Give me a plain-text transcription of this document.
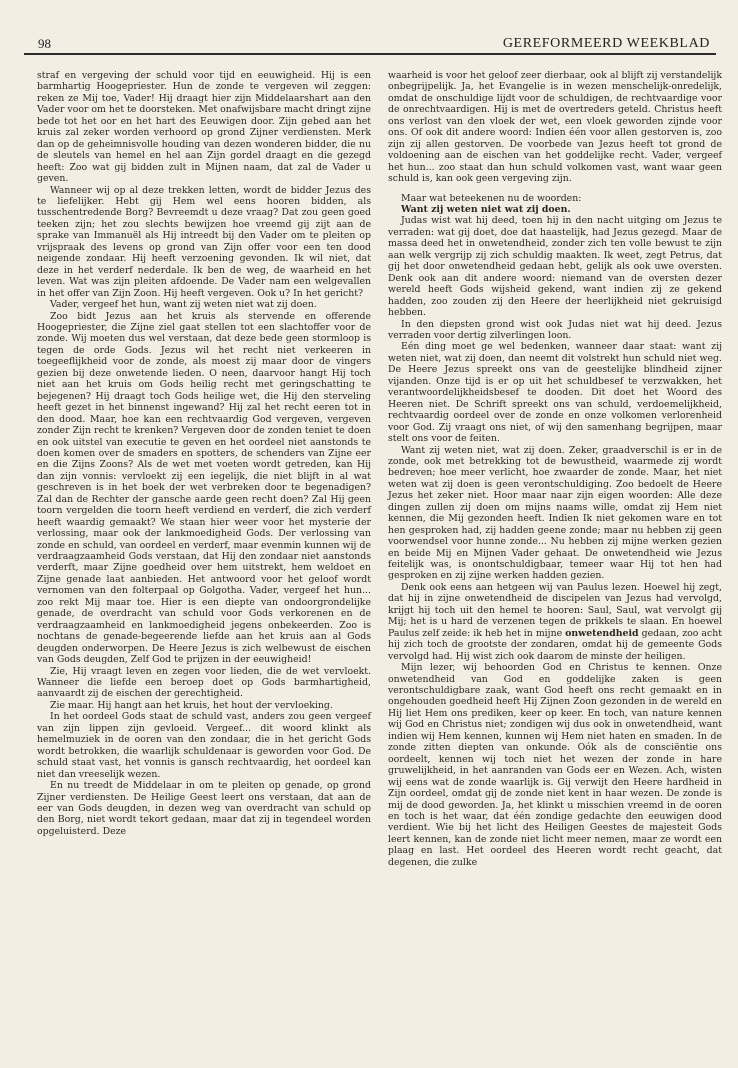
98	GEREFORMEERD WEEKBLAD

straf en vergeving der schuld voor tijd en eeuwigheid. Hij is een barmhartig Hoogepriester. Hun de zonde te vergeven wil zeggen: reken ze Mij toe, Vader! Hij draagt hier zijn Middelaarshart aan den Vader voor om het te doorsteken. Met onafwijsbare macht dringt zijne bede tot het oor en het hart des Eeuwigen door. Zijn gebed aan het kruis zal zeker worden verhoord op grond Zijner verdiensten. Merk dan op de geheimnisvolle houding van dezen wonderen bidder, die nu de sleutels van hemel en hel aan Zijn gordel draagt en die gezegd heeft: Zoo wat gij bidden zult in Mijnen naam, dat zal de Vader u geven.

Wanneer wij op al deze trekken letten, wordt de bidder Jezus des te liefelijker. Hebt gij Hem wel eens hooren bidden, als tusschentredende Borg? Bevreemdt u deze vraag? Dat zou geen goed teeken zijn; het zou slechts bewijzen hoe vreemd gij zijt aan de sprake van Immanuël als Hij intreedt bij den Vader om te pleiten op vrijspraak des levens op grond van Zijn offer voor een ten dood neigende zondaar. Hij heeft verzoening gevonden. Ik wil niet, dat deze in het verderf nederdale. Ik ben de weg, de waarheid en het leven. Wat was zijn pleiten afdoende. De Vader nam een welgevallen in het offer van Zijn Zoon. Hij heeft vergeven. Ook u? In het gericht?

Vader, vergeef het hun, want zij weten niet wat zij doen.

Zoo bidt Jezus aan het kruis als stervende en offerende Hoogepriester, die Zijne ziel gaat stellen tot een slachtoffer voor de zonde. Wij moeten dus wel verstaan, dat deze bede geen stormloop is tegen de orde Gods. Jezus wil het recht niet verkeeren in toegeeflijkheid voor de zonde, als moest zij maar door de vingers gezien bij deze onwetende lieden. O neen, daarvoor hangt Hij toch niet aan het kruis om Gods heilig recht met geringschatting te bejegenen? Hij draagt toch Gods heilige wet, die Hij den sterveling heeft gezet in het binnenst ingewand? Hij zal het recht eeren tot in den dood. Maar, hoe kan een rechtvaardig God vergeven, vergeven zonder Zijn recht te krenken? Vergeven door de zonden teniet te doen en ook uitstel van executie te geven en het oordeel niet aanstonds te doen komen over de smaders en spotters, de schenders van Zijne eer en die Zijns Zoons? Als de wet met voeten wordt getreden, kan Hij dan zijn vonnis: vervloekt zij een iegelijk, die niet blijft in al wat geschreven is in het boek der wet verbreken door te begenadigen? Zal dan de Rechter der gansche aarde geen recht doen? Zal Hij geen toorn vergelden die toorn heeft verdiend en verderf, die zich verderf heeft waardig gemaakt? We staan hier weer voor het mysterie der verlossing, maar ook der lankmoedigheid Gods. Der verlossing van zonde en schuld, van oordeel en verderf, maar evenmin kunnen wij de verdraagzaamheid Gods verstaan, dat Hij den zondaar niet aanstonds verderft, maar Zijne goedheid over hem uitstrekt, hem weldoet en Zijne genade laat aanbieden. Het antwoord voor het geloof wordt vernomen van den folterpaal op Golgotha. Vader, vergeef het hun... zoo rekt Mij maar toe. Hier is een diepte van ondoorgrondelijke genade, de overdracht van schuld voor Gods verkorenen en de verdraagzaamheid en lankmoedigheid jegens onbekeerden. Zoo is nochtans de genade-begeerende liefde aan het kruis aan al Gods deugden onderworpen. De Heere Jezus is zich welbewust de eischen van Gods deugden, Zelf God te prijzen in der eeuwigheid!

Zie, Hij vraagt leven en zegen voor lieden, die de wet vervloekt. Wanneer die liefde een beroep doet op Gods barmhartigheid, aanvaardt zij de eischen der gerechtigheid.

Zie maar. Hij hangt aan het kruis, het hout der vervloeking.

In het oordeel Gods staat de schuld vast, anders zou geen vergeef van zijn lippen zijn gevloeid. Vergeef... dit woord klinkt als hemelmuziek in de ooren van den zondaar, die in het gericht Gods wordt betrokken, die waarlijk schuldenaar is geworden voor God. De schuld staat vast, het vonnis is gansch rechtvaardig, het oordeel kan niet dan vreeselijk wezen.

En nu treedt de Middelaar in om te pleiten op genade, op grond Zijner verdiensten. De Heilige Geest leert ons verstaan, dat aan de eer van Gods deugden, in dezen weg van overdracht van schuld op den Borg, niet wordt tekort gedaan, maar dat zij in tegendeel worden opgeluisterd. Deze

waarheid is voor het geloof zeer dierbaar, ook al blijft zij verstandelijk onbegrijpelijk. Ja, het Evangelie is in wezen menschelijk-onredelijk, omdat de onschuldige lijdt voor de schuldigen, de rechtvaardige voor de onrechtvaardigen. Hij is met de overtreders geteld. Christus heeft ons verlost van den vloek der wet, een vloek geworden zijnde voor ons. Of ook dit andere woord: Indien één voor allen gestorven is, zoo zijn zij allen gestorven. De voorbede van Jezus heeft tot grond de voldoening aan de eischen van het goddelijke recht. Vader, vergeef het hun... zoo staat dan hun schuld volkomen vast, want waar geen schuld is, kan ook geen vergeving zijn.

Maar wat beteekenen nu de woorden:

Want zij weten niet wat zij doen.

Judas wist wat hij deed, toen hij in den nacht uitging om Jezus te verraden: wat gij doet, doe dat haastelijk, had Jezus gezegd. Maar de massa deed het in onwetendheid, zonder zich ten volle bewust te zijn aan welk vergrijp zij zich schuldig maakten. Ik weet, zegt Petrus, dat gij het door onwetendheid gedaan hebt, gelijk als ook uwe oversten. Denk ook aan dit andere woord: niemand van de oversten dezer wereld heeft Gods wijsheid gekend, want indien zij ze gekend hadden, zoo zouden zij den Heere der heerlijkheid niet gekruisigd hebben.

In den diepsten grond wist ook Judas niet wat hij deed. Jezus verraden voor dertig zilverlingen loon.

Eén ding moet ge wel bedenken, wanneer daar staat: want zij weten niet, wat zij doen, dan neemt dit volstrekt hun schuld niet weg. De Heere Jezus spreekt ons van de geestelijke blindheid zijner vijanden. Onze tijd is er op uit het schuldbesef te verzwakken, het verantwoordelijkheidsbesef te dooden. Dit doet het Woord des Heeren niet. De Schrift spreekt ons van schuld, verdoemelijkheid, rechtvaardig oordeel over de zonde en onze volkomen verlorenheid voor God. Zij vraagt ons niet, of wij den samenhang begrijpen, maar stelt ons voor de feiten.

Want zij weten niet, wat zij doen. Zeker, graadverschil is er in de zonde, ook met betrekking tot de bewustheid, waarmede zij wordt bedreven; hoe meer verlicht, hoe zwaarder de zonde. Maar, het niet weten wat zij doen is geen verontschuldiging. Zoo bedoelt de Heere Jezus het zeker niet. Hoor maar naar zijn eigen woorden: Alle deze dingen zullen zij doen om mijns naams wille, omdat zij Hem niet kennen, die Mij gezonden heeft. Indien Ik niet gekomen ware en tot hen gesproken had, zij hadden geene zonde; maar nu hebben zij geen voorwendsel voor hunne zonde... Nu hebben zij mijne werken gezien en beide Mij en Mijnen Vader gehaat. De onwetendheid wie Jezus feitelijk was, is onontschuldigbaar, temeer waar Hij tot hen had gesproken en zij zijne werken hadden gezien.

Denk ook eens aan hetgeen wij van Paulus lezen. Hoewel hij zegt, dat hij in zijne onwetendheid de discipelen van Jezus had vervolgd, krijgt hij toch uit den hemel te hooren: Saul, Saul, wat vervolgt gij Mij; het is u hard de verzenen tegen de prikkels te slaan. En hoewel Paulus zelf zeide: ik heb het in mijne onwetendheid gedaan, zoo acht hij zich toch de grootste der zondaren, omdat hij de gemeente Gods vervolgd had. Hij wist zich ook daarom de minste der heiligen.

Mijn lezer, wij behoorden God en Christus te kennen. Onze onwetendheid van God en goddelijke zaken is geen verontschuldigbare zaak, want God heeft ons recht gemaakt en in ongehouden goedheid heeft Hij Zijnen Zoon gezonden in de wereld en Hij liet Hem ons prediken, keer op keer. En toch, van nature kennen wij God en Christus niet; zondigen wij dus ook in onwetendheid, want indien wij Hem kennen, kunnen wij Hem niet haten en smaden. In de zonde zitten diepten van onkunde. Oók als de consciëntie ons oordeelt, kennen wij toch niet het wezen der zonde in hare gruwelijkheid, in het aanranden van Gods eer en Wezen. Ach, wisten wij eens wat de zonde waarlijk is. Gij verwijt den Heere hardheid in Zijn oordeel, omdat gij de zonde niet kent in haar wezen. De zonde is mij de dood geworden. Ja, het klinkt u misschien vreemd in de ooren en toch is het waar, dat één zondige gedachte den eeuwigen dood verdient. Wie bij het licht des Heiligen Geestes de majesteit Gods leert kennen, kan de zonde niet licht meer nemen, maar ze wordt een plaag en last. Het oordeel des Heeren wordt recht geacht, dat degenen, die zulke
